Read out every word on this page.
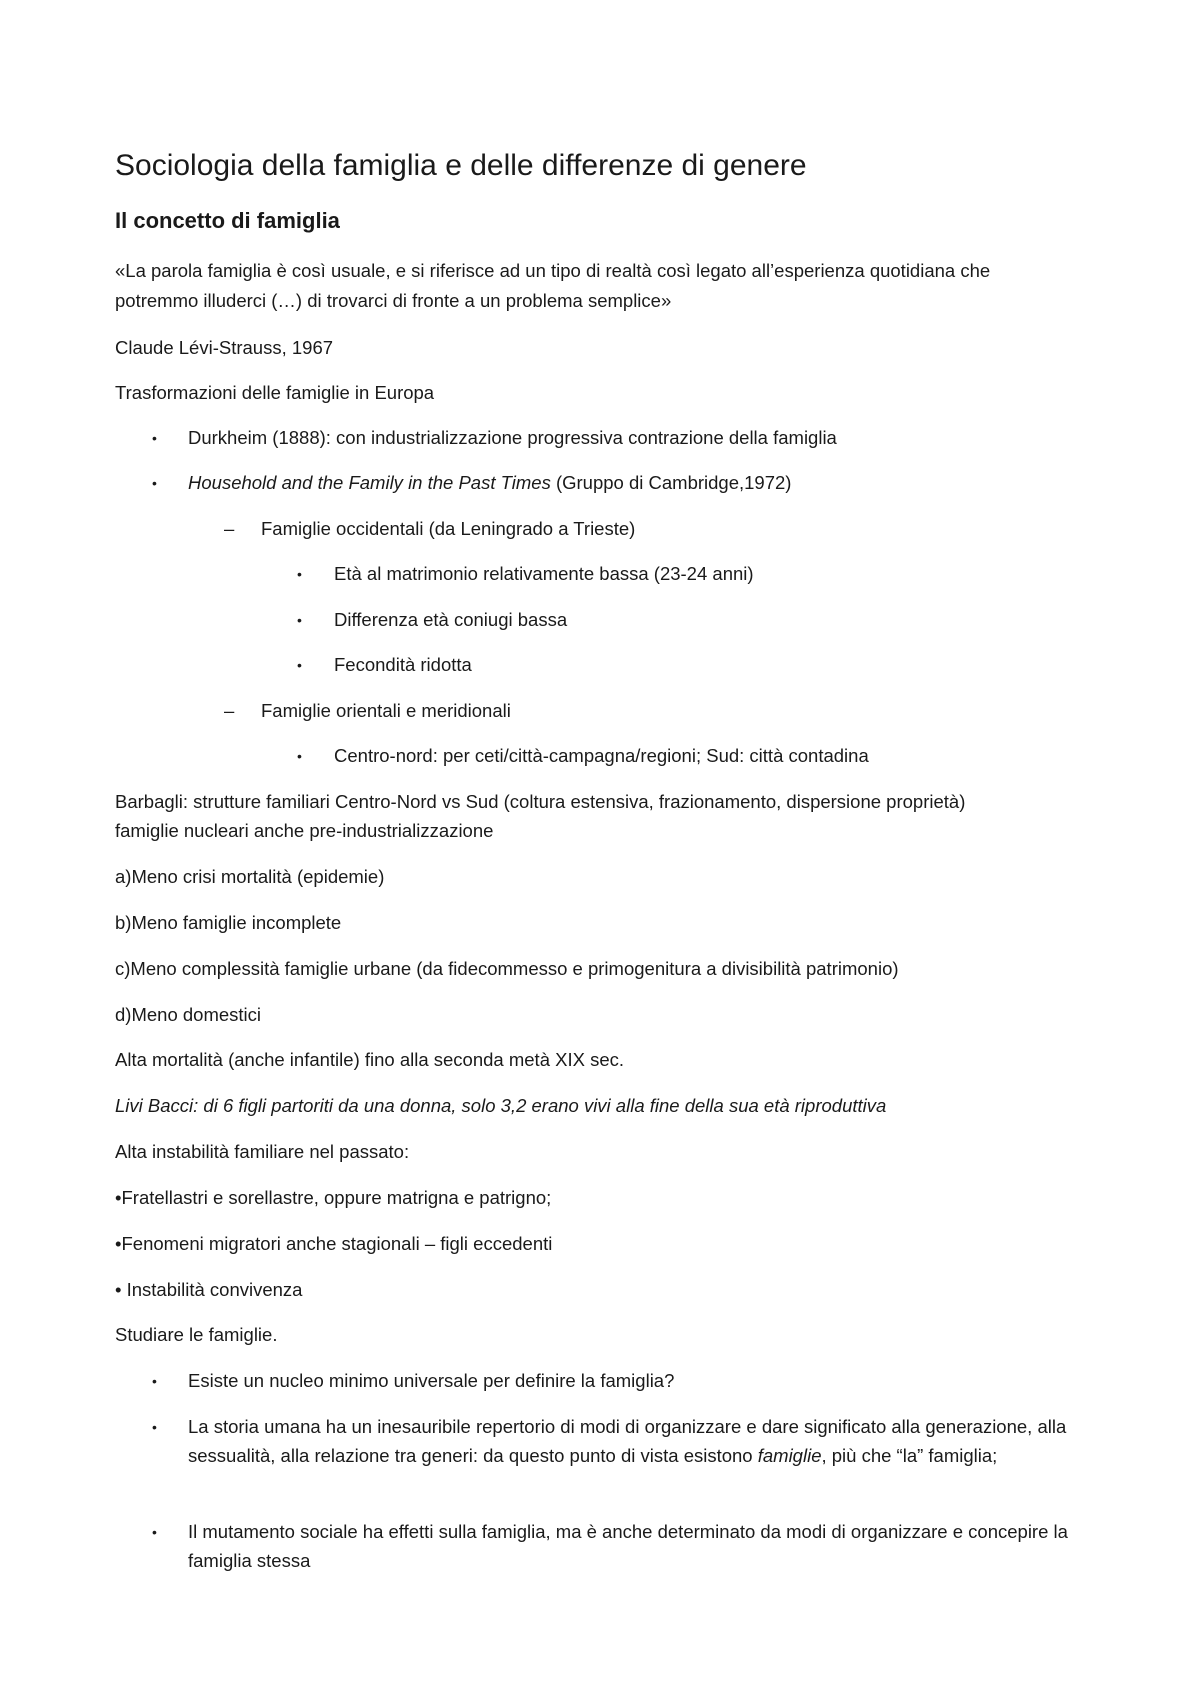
Sociologia della famiglia e delle differenze di genere
Il concetto di famiglia
«La parola famiglia è così usuale, e si riferisce ad un tipo di realtà così legato all’esperienza quotidiana che
potremmo illuderci (…) di trovarci di fronte a un problema semplice»
Claude Lévi-Strauss, 1967
Trasformazioni delle famiglie in Europa
• Durkheim (1888): con industrializzazione progressiva contrazione della famiglia
• Household and the Family in the Past Times (Gruppo di Cambridge,1972)
– Famiglie occidentali (da Leningrado a Trieste)
• Età al matrimonio relativamente bassa (23-24 anni)
• Differenza età coniugi bassa
• Fecondità ridotta
– Famiglie orientali e meridionali
• Centro-nord: per ceti/città-campagna/regioni; Sud: città contadina
Barbagli: strutture familiari Centro-Nord vs Sud (coltura estensiva, frazionamento, dispersione proprietà)
famiglie nucleari anche pre-industrializzazione
a)Meno crisi mortalità (epidemie)
b)Meno famiglie incomplete
c)Meno complessità famiglie urbane (da fidecommesso e primogenitura a divisibilità patrimonio)
d)Meno domestici
Alta mortalità (anche infantile) fino alla seconda metà XIX sec.
Livi Bacci: di 6 figli partoriti da una donna, solo 3,2 erano vivi alla fine della sua età riproduttiva
Alta instabilità familiare nel passato:
•Fratellastri e sorellastre, oppure matrigna e patrigno;
•Fenomeni migratori anche stagionali – figli eccedenti
• Instabilità convivenza
Studiare le famiglie.
• Esiste un nucleo minimo universale per definire la famiglia?
• La storia umana ha un inesauribile repertorio di modi di organizzare e dare significato alla generazione, alla sessualità, alla relazione tra generi: da questo punto di vista esistono famiglie, più che “la” famiglia;
• Il mutamento sociale ha effetti sulla famiglia, ma è anche determinato da modi di organizzare e concepire la famiglia stessa
